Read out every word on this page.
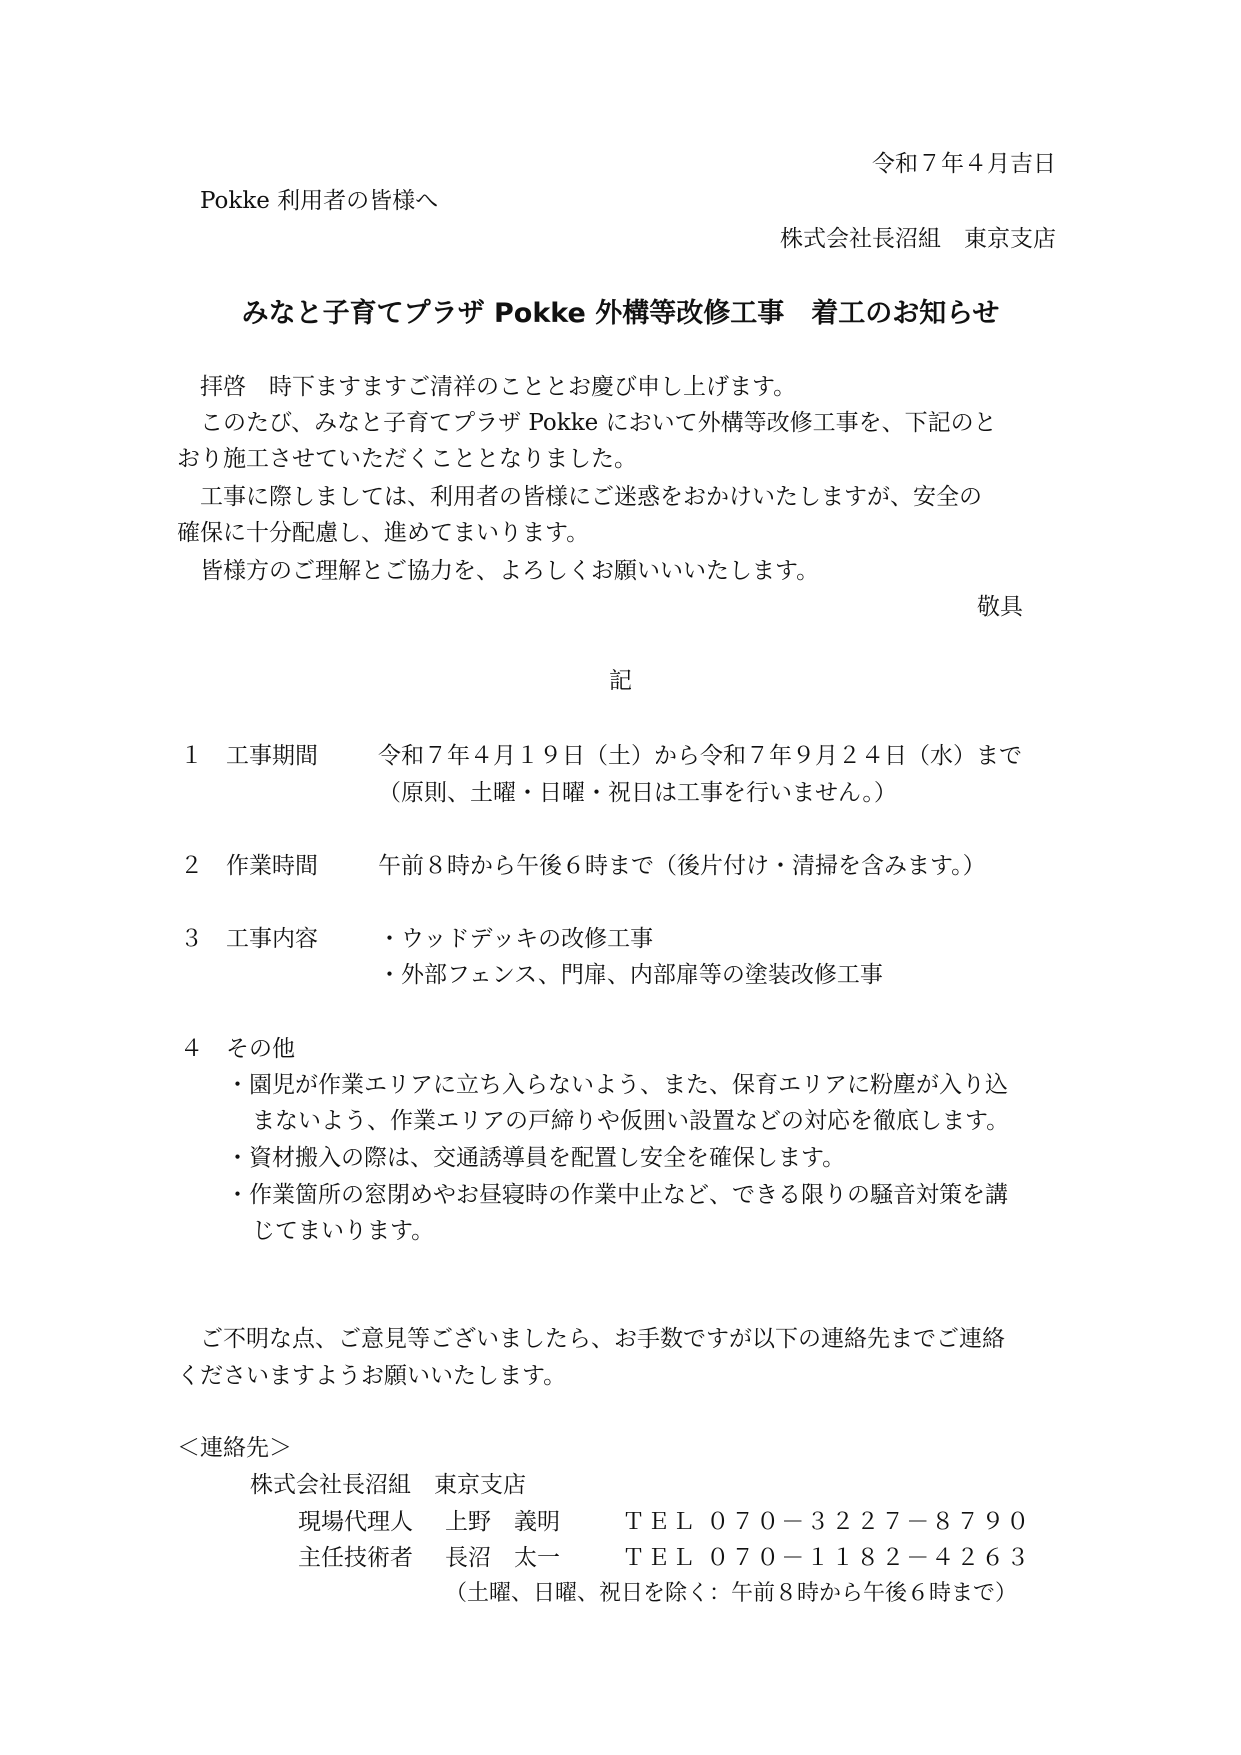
令和７年４月吉日
Pokke 利用者の皆様へ
株式会社長沼組　東京支店
みなと子育てプラザ Pokke 外構等改修工事　着工のお知らせ
拝啓　時下ますますご清祥のこととお慶び申し上げます。
このたび、みなと子育てプラザ Pokke において外構等改修工事を、下記のと
おり施工させていただくこととなりました。
工事に際しましては、利用者の皆様にご迷惑をおかけいたしますが、安全の
確保に十分配慮し、進めてまいります。
皆様方のご理解とご協力を、よろしくお願いいいたします。
敬具
記
１ 工事期間	令和７年４月１９日（土）から令和７年９月２４日（水）まで
（原則、土曜・日曜・祝日は工事を行いません。）
２ 作業時間	午前８時から午後６時まで（後片付け・清掃を含みます。）
３ 工事内容	・ウッドデッキの改修工事
・外部フェンス、門扉、内部扉等の塗装改修工事
４ その他
・園児が作業エリアに立ち入らないよう、また、保育エリアに粉塵が入り込
まないよう、作業エリアの戸締りや仮囲い設置などの対応を徹底します。
・資材搬入の際は、交通誘導員を配置し安全を確保します。
・作業箇所の窓閉めやお昼寝時の作業中止など、できる限りの騒音対策を講
じてまいります。
ご不明な点、ご意見等ございましたら、お手数ですが以下の連絡先までご連絡
くださいますようお願いいたします。
＜連絡先＞
株式会社長沼組　東京支店
現場代理人 上野　義明	ＴＥＬ ０７０－３２２７－８７９０
主任技術者 長沼　太一	ＴＥＬ ０７０－１１８２－４２６３
（土曜、日曜、祝日を除く：午前８時から午後６時まで）
